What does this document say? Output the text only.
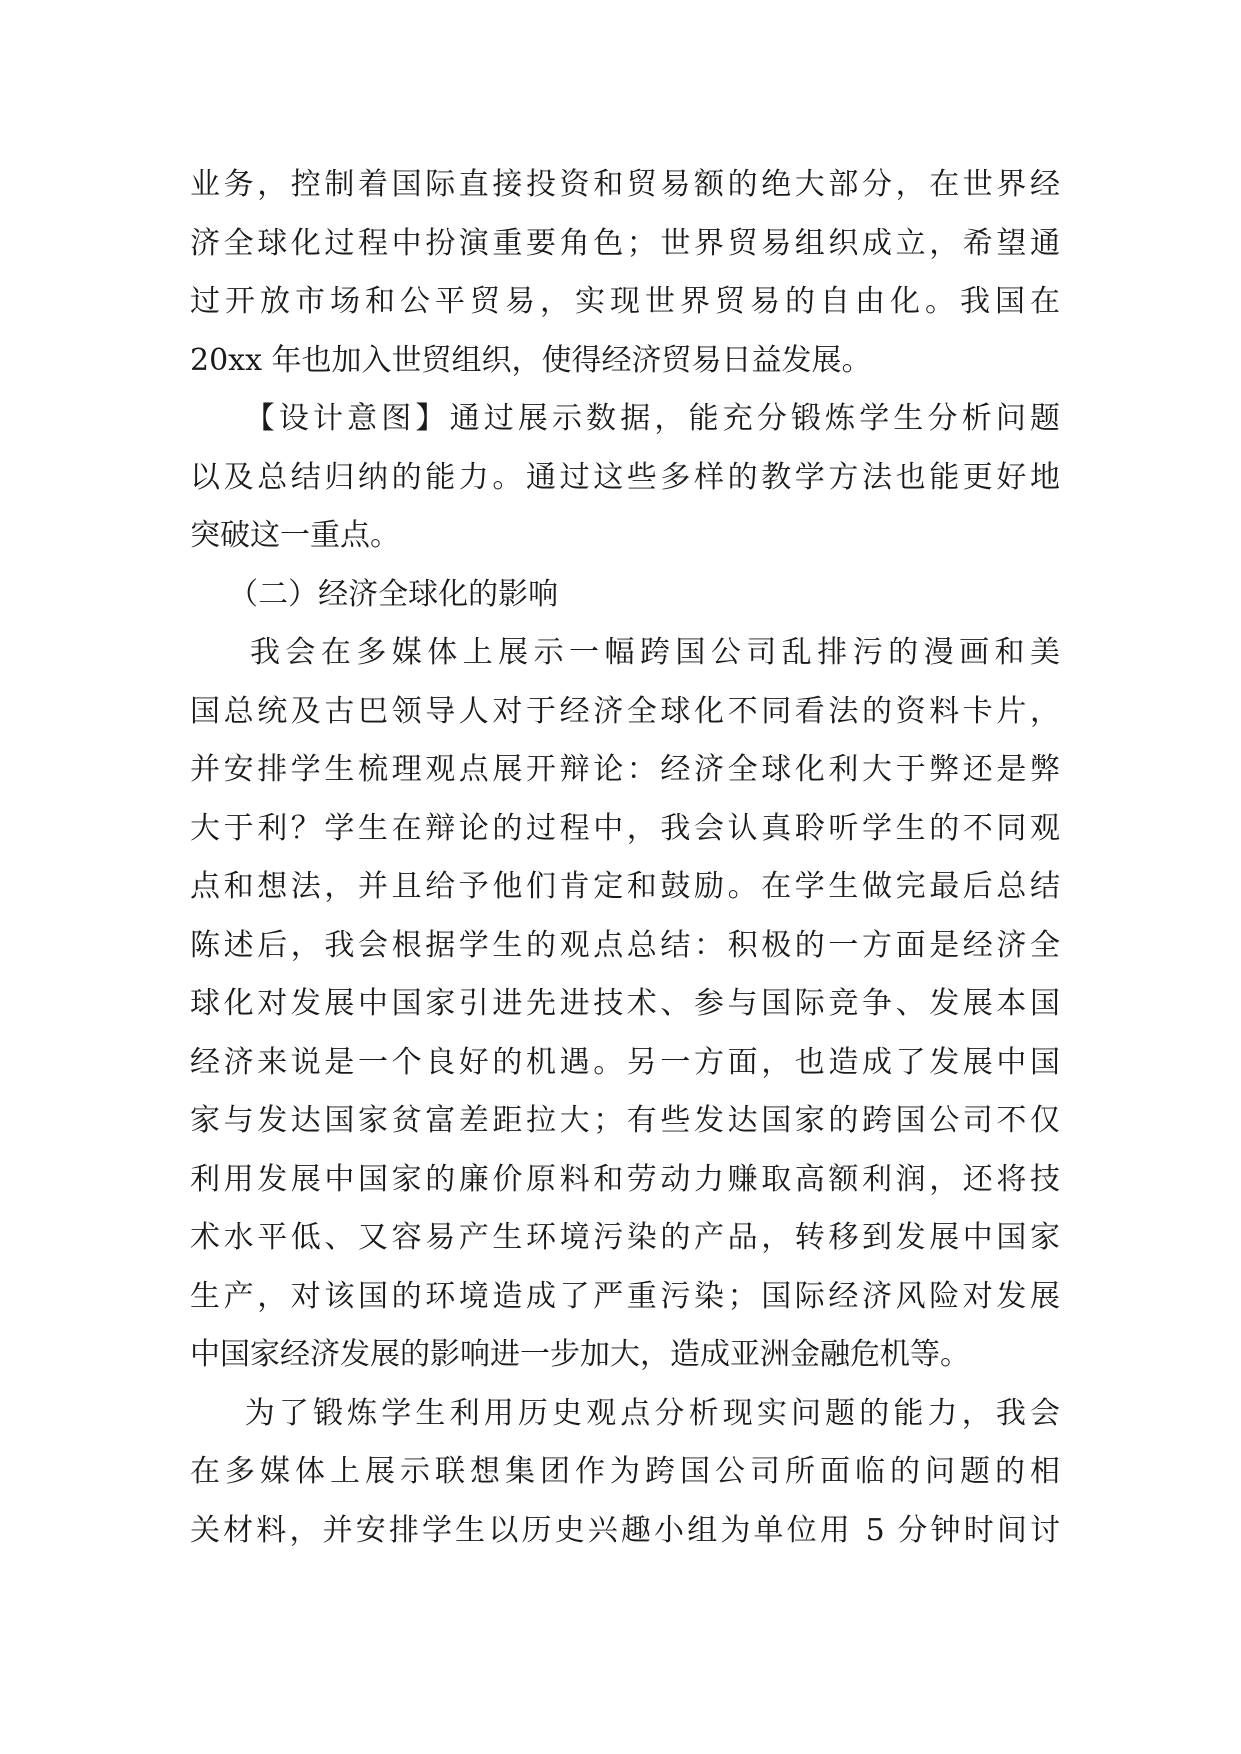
业务，控制着国际直接投资和贸易额的绝大部分，在世界经
济全球化过程中扮演重要角色；世界贸易组织成立，希望通
过开放市场和公平贸易，实现世界贸易的自由化。我国在
20xx 年也加入世贸组织，使得经济贸易日益发展。
【设计意图】通过展示数据，能充分锻炼学生分析问题
以及总结归纳的能力。通过这些多样的教学方法也能更好地
突破这一重点。
（二）经济全球化的影响
我会在多媒体上展示一幅跨国公司乱排污的漫画和美
国总统及古巴领导人对于经济全球化不同看法的资料卡片，
并安排学生梳理观点展开辩论：经济全球化利大于弊还是弊
大于利？学生在辩论的过程中，我会认真聆听学生的不同观
点和想法，并且给予他们肯定和鼓励。在学生做完最后总结
陈述后，我会根据学生的观点总结：积极的一方面是经济全
球化对发展中国家引进先进技术、参与国际竞争、发展本国
经济来说是一个良好的机遇。另一方面，也造成了发展中国
家与发达国家贫富差距拉大；有些发达国家的跨国公司不仅
利用发展中国家的廉价原料和劳动力赚取高额利润，还将技
术水平低、又容易产生环境污染的产品，转移到发展中国家
生产，对该国的环境造成了严重污染；国际经济风险对发展
中国家经济发展的影响进一步加大，造成亚洲金融危机等。
为了锻炼学生利用历史观点分析现实问题的能力，我会
在多媒体上展示联想集团作为跨国公司所面临的问题的相
关材料，并安排学生以历史兴趣小组为单位用 5 分钟时间讨
